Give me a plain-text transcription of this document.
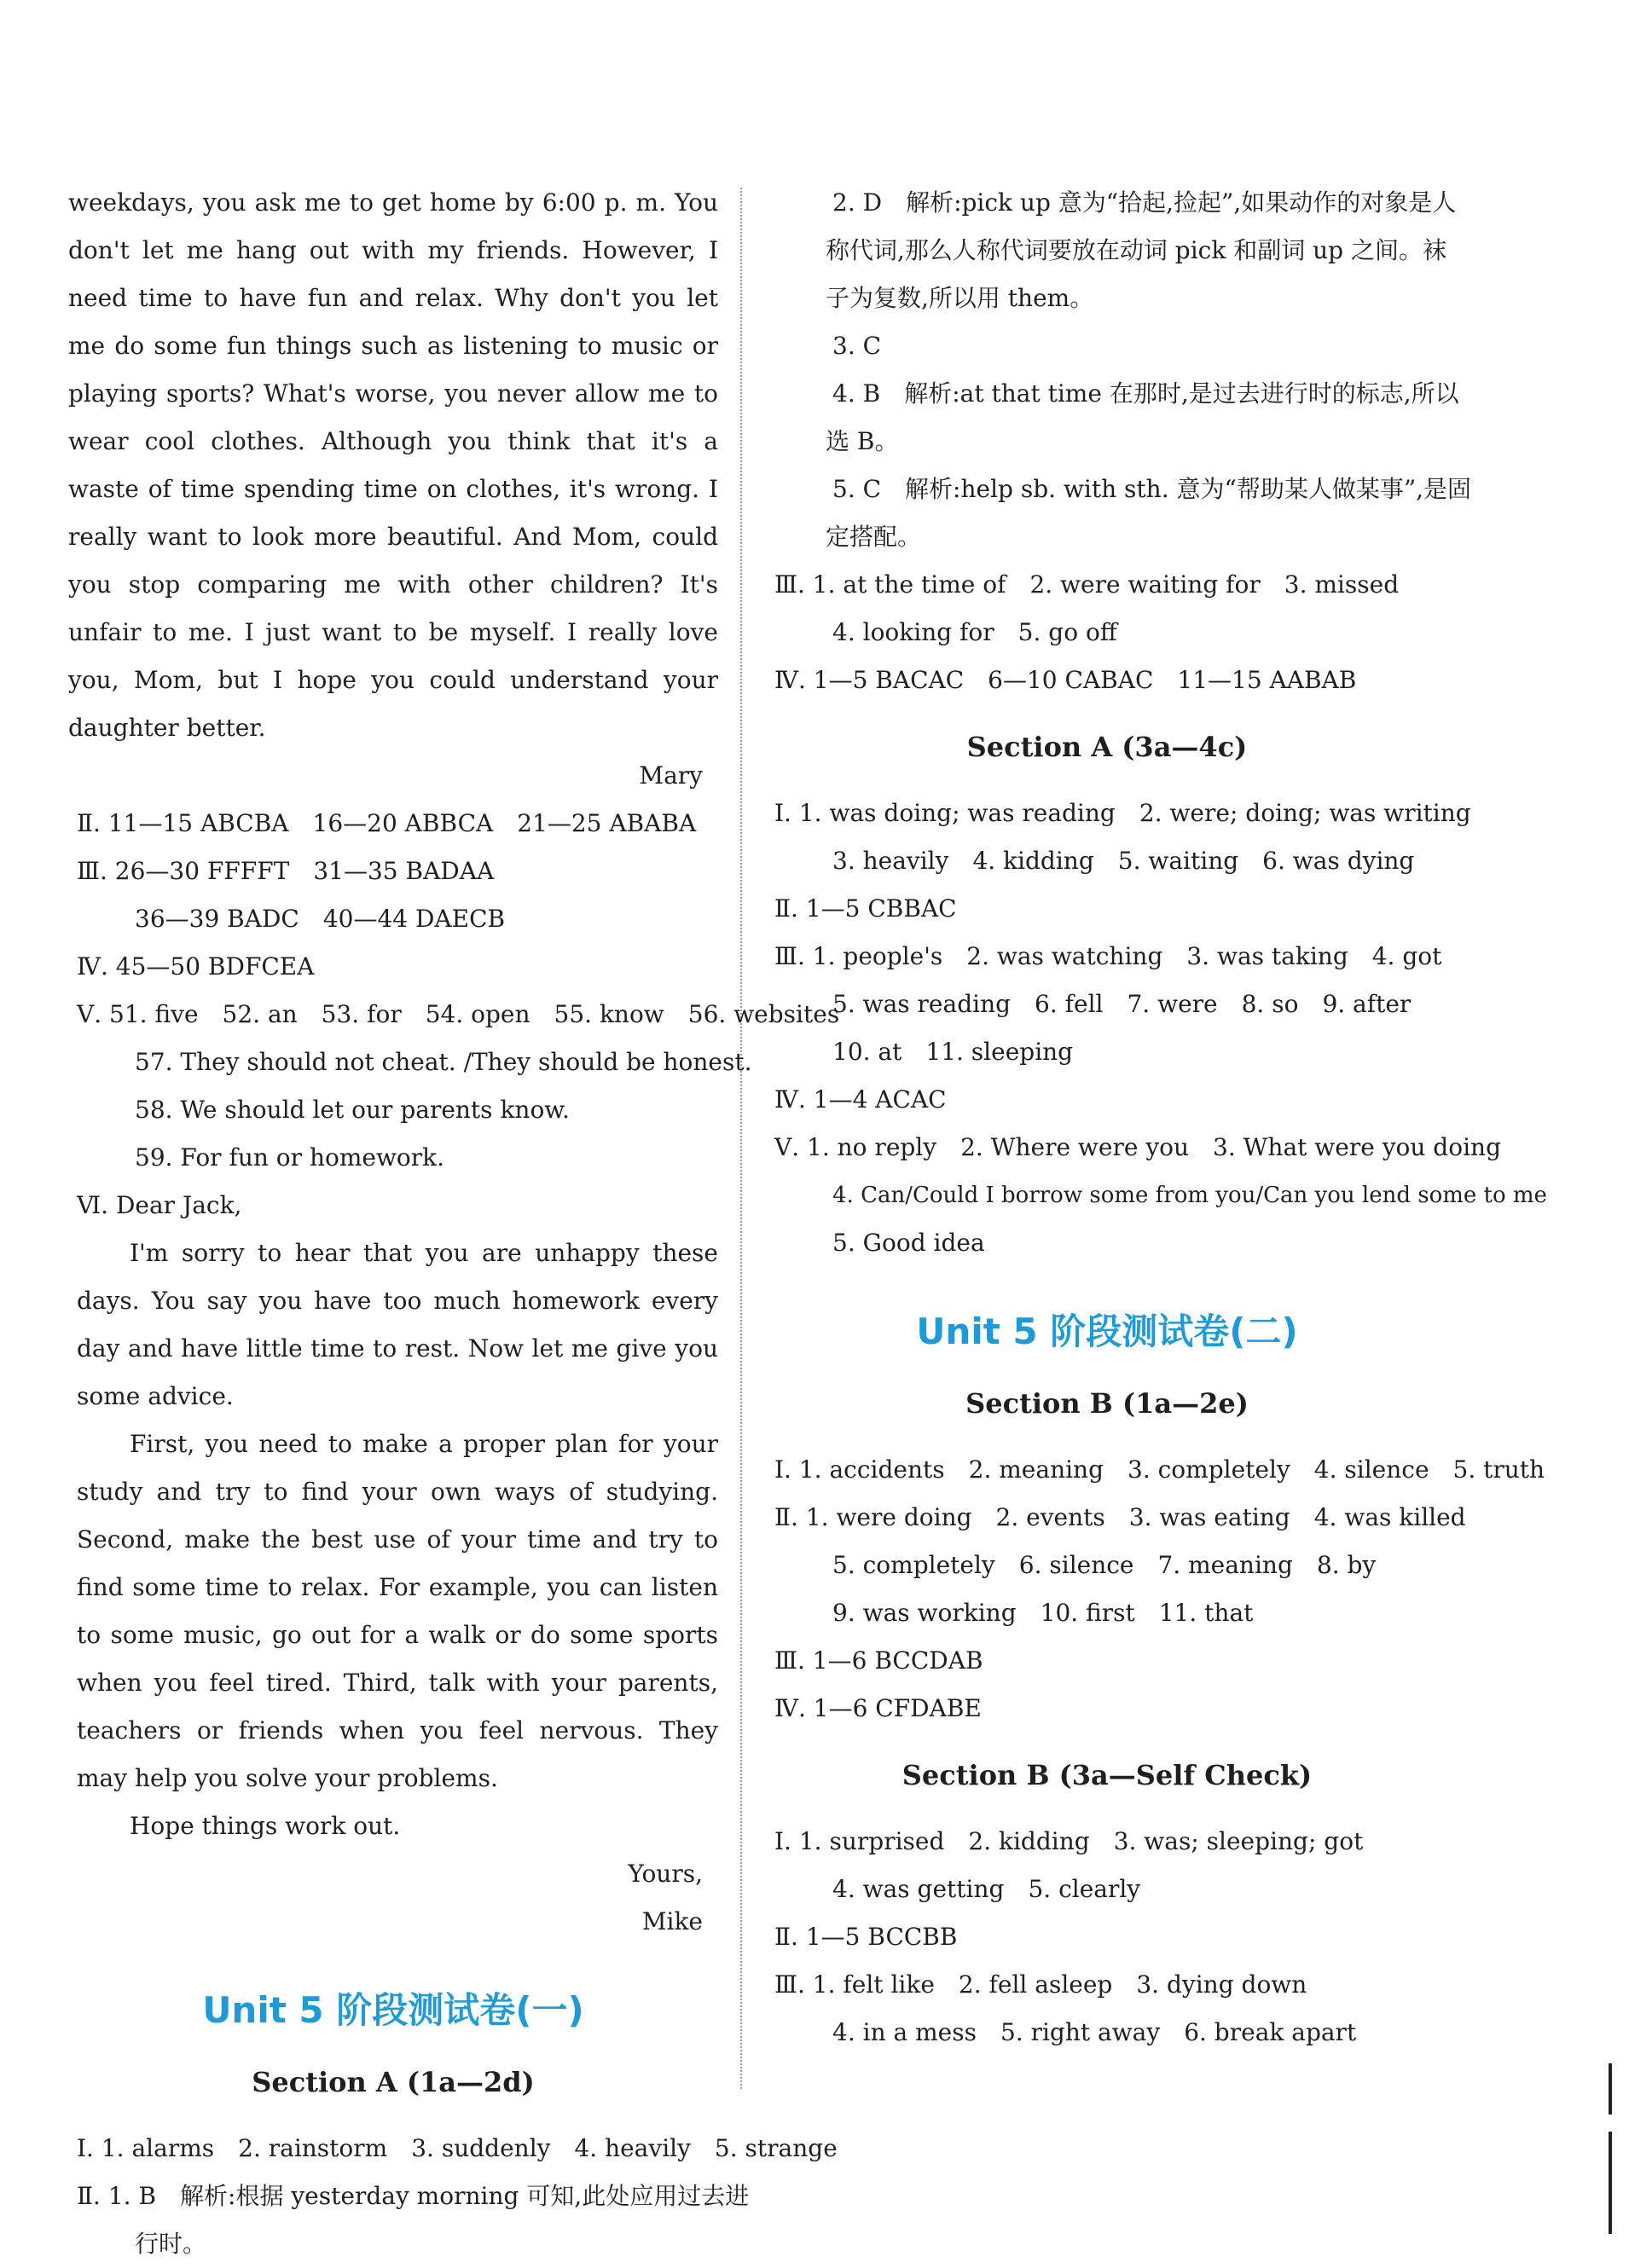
weekdays, you ask me to get home by 6:00 p. m. You don't let me hang out with my friends. However, I need time to have fun and relax. Why don't you let me do some fun things such as listening to music or playing sports? What's worse, you never allow me to wear cool clothes. Although you think that it's a waste of time spending time on clothes, it's wrong. I really want to look more beautiful. And Mom, could you stop comparing me with other children? It's unfair to me. I just want to be myself. I really love you, Mom, but I hope you could understand your daughter better.

Mary

Ⅱ. 11—15 ABCBA　16—20 ABBCA　21—25 ABABA

Ⅲ. 26—30 FFFFT　31—35 BADAA

36—39 BADC　40—44 DAECB

Ⅳ. 45—50 BDFCEA

Ⅴ. 51. five　52. an　53. for　54. open　55. know　56. websites

57. They should not cheat. /They should be honest.

58. We should let our parents know.

59. For fun or homework.

Ⅵ. Dear Jack,

I'm sorry to hear that you are unhappy these days. You say you have too much homework every day and have little time to rest. Now let me give you some advice.

First, you need to make a proper plan for your study and try to find your own ways of studying. Second, make the best use of your time and try to find some time to relax. For example, you can listen to some music, go out for a walk or do some sports when you feel tired. Third, talk with your parents, teachers or friends when you feel nervous. They may help you solve your problems.

Hope things work out.

Yours,

Mike

Unit 5 阶段测试卷(一)
Section A (1a—2d)

Ⅰ. 1. alarms　2. rainstorm　3. suddenly　4. heavily　5. strange

Ⅱ. 1. B　解析:根据 yesterday morning 可知,此处应用过去进

行时。

2. D　解析:pick up 意为“拾起,捡起”,如果动作的对象是人

称代词,那么人称代词要放在动词 pick 和副词 up 之间。袜

子为复数,所以用 them。

3. C

4. B　解析:at that time 在那时,是过去进行时的标志,所以

选 B。

5. C　解析:help sb. with sth. 意为“帮助某人做某事”,是固

定搭配。

Ⅲ. 1. at the time of　2. were waiting for　3. missed

4. looking for　5. go off

Ⅳ. 1—5 BACAC　6—10 CABAC　11—15 AABAB

Section A (3a—4c)

Ⅰ. 1. was doing; was reading　2. were; doing; was writing

3. heavily　4. kidding　5. waiting　6. was dying

Ⅱ. 1—5 CBBAC

Ⅲ. 1. people's　2. was watching　3. was taking　4. got

5. was reading　6. fell　7. were　8. so　9. after

10. at　11. sleeping

Ⅳ. 1—4 ACAC

Ⅴ. 1. no reply　2. Where were you　3. What were you doing

4. Can/Could I borrow some from you/Can you lend some to me

5. Good idea

Unit 5 阶段测试卷(二)
Section B (1a—2e)

Ⅰ. 1. accidents　2. meaning　3. completely　4. silence　5. truth

Ⅱ. 1. were doing　2. events　3. was eating　4. was killed

5. completely　6. silence　7. meaning　8. by

9. was working　10. first　11. that

Ⅲ. 1—6 BCCDAB

Ⅳ. 1—6 CFDABE

Section B (3a—Self Check)

Ⅰ. 1. surprised　2. kidding　3. was; sleeping; got

4. was getting　5. clearly

Ⅱ. 1—5 BCCBB

Ⅲ. 1. felt like　2. fell asleep　3. dying down

4. in a mess　5. right away　6. break apart
